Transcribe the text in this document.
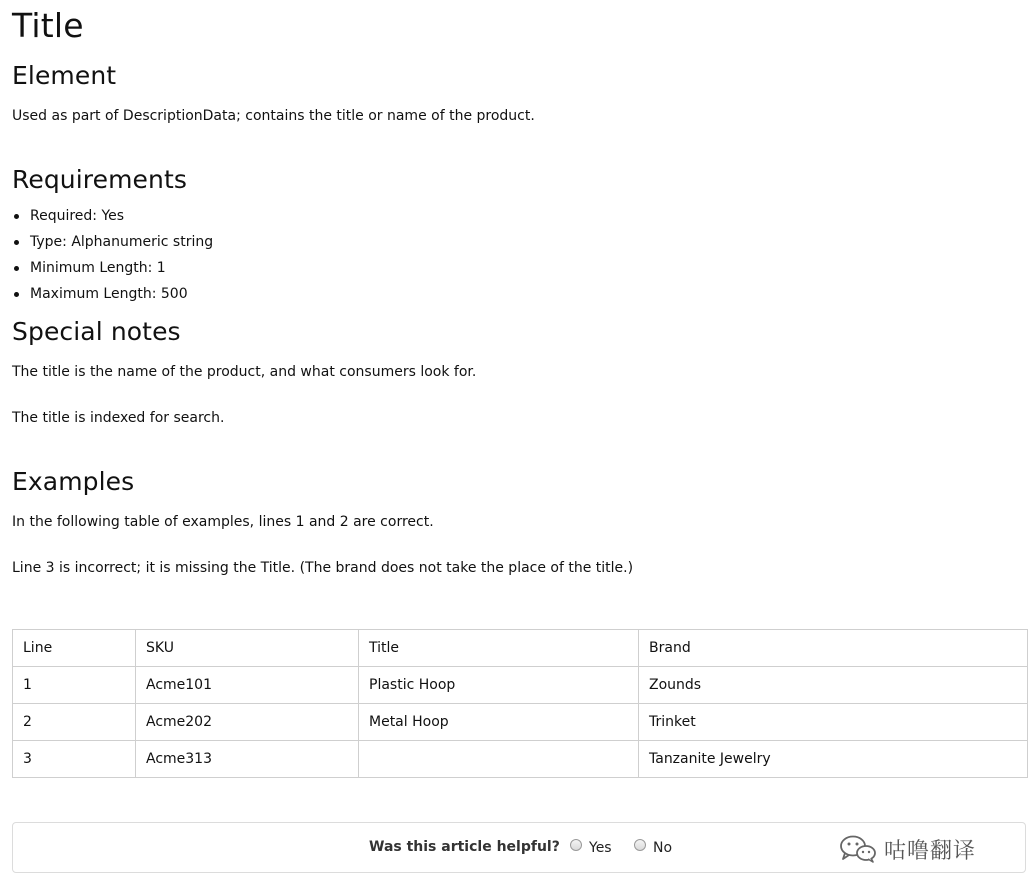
Title
Element

Used as part of DescriptionData; contains the title or name of the product.

Requirements
Required: Yes
Type: Alphanumeric string
Minimum Length: 1
Maximum Length: 500
Special notes

The title is the name of the product, and what consumers look for.

The title is indexed for search.

Examples

In the following table of examples, lines 1 and 2 are correct.

Line 3 is incorrect; it is missing the Title. (The brand does not take the place of the title.)

Line	SKU	Title	Brand
1	Acme101	Plastic Hoop	Zounds
2	Acme202	Metal Hoop	Trinket
3	Acme313		Tanzanite Jewelry
Was this article helpful? Yes	No	咕噜翻译
